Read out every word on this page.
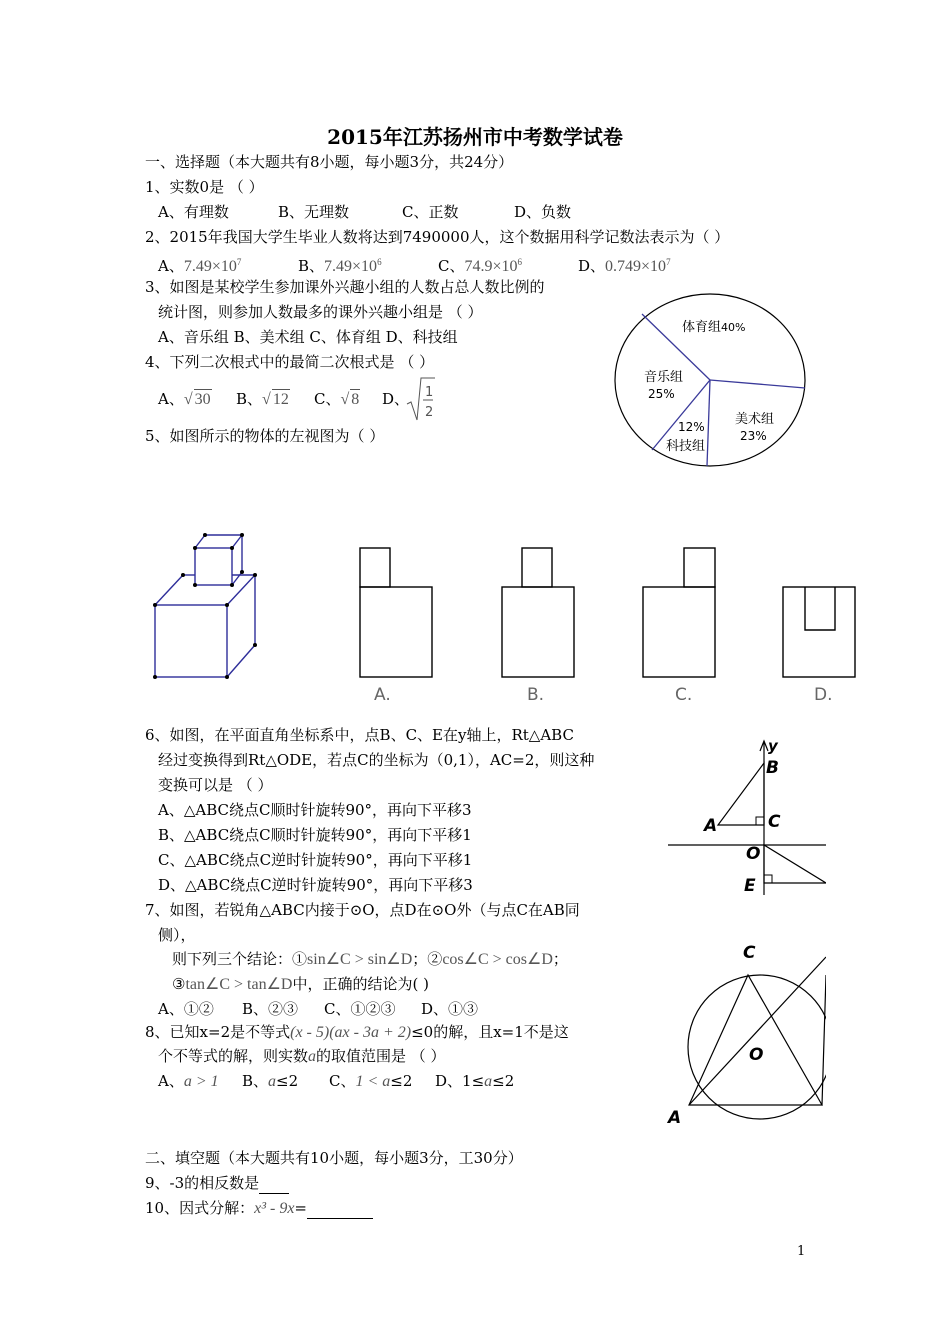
2015年江苏扬州市中考数学试卷
一、选择题（本大题共有8小题，每小题3分，共24分）
1、实数0是 （ ）
A、有理数	B、无理数	C、正数	D、负数
2、2015年我国大学生毕业人数将达到7490000人，这个数据用科学记数法表示为（ ）
A、$7.49\times 10^7$	B、$7.49\times 10^6$	C、$74.9\times 10^6$	D、$0.749\times 10^7$
3、如图是某校学生参加课外兴趣小组的人数占总人数比例的
统计图，则参加人数最多的课外兴趣小组是 （ ）
A、音乐组 B、美术组 C、体育组 D、科技组
体育组40%
美术组
23%
12%
科技组
音乐组
25%
4、下列二次根式中的最简二次根式是 （ ）
A、√ 30 B、√ 12 C、√ 8 D、 1
2
5、如图所示的物体的左视图为（ ）
A.	B.	C.	D.
6、如图，在平面直角坐标系中，点B、C、E在y轴上，Rt△ABC
经过变换得到Rt△ODE，若点C的坐标为（0,1），AC=2，则这种
变换可以是 （ ）
A、△ABC绕点C顺时针旋转90°，再向下平移3
B、△ABC绕点C顺时针旋转90°，再向下平移1
C、△ABC绕点C逆时针旋转90°，再向下平移1
D、△ABC绕点C逆时针旋转90°，再向下平移3
y
B
A	C
O
E
7、如图，若锐角△ABC内接于⊙O，点D在⊙O外（与点C在AB同
侧），
则下列三个结论：①sin∠C > sin∠D；②cos∠C > cos∠D；
③tan∠C > tan∠D中，正确的结论为( )
A、①② B、②③ C、①②③ D、①③
C
O
A
8、已知x=2是不等式(x - 5)(ax - 3a + 2)≤0的解，且x=1不是这
个不等式的解，则实数a的取值范围是 （ ）
A、a > 1 B、a≤2 C、1 < a≤2 D、1≤a≤2
二、填空题（本大题共有10小题，每小题3分，工30分）
9、-3的相反数是
10、因式分解：x³ - 9x=
1
